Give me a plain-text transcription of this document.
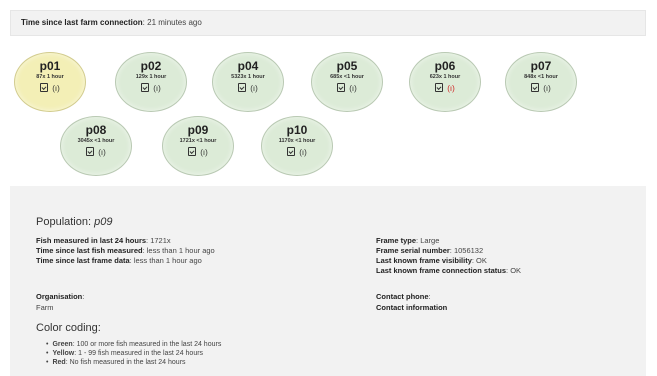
Time since last farm connection: 21 minutes ago
p01
87x 1 hour
(ı)
p02
129x 1 hour
(ı)
p04
5323x 1 hour
(ı)
p05
685x <1 hour
(ı)
p06
623x 1 hour
(ı)
p07
848x <1 hour
(ı)
p08
3045x <1 hour
(ı)
p09
1721x <1 hour
(ı)
p10
1170x <1 hour
(ı)
Population: p09
Fish measured in last 24 hours: 1721x
Time since last fish measured: less than 1 hour ago
Time since last frame data: less than 1 hour ago
Frame type: Large
Frame serial number: 1056132
Last known frame visibility: OK
Last known frame connection status: OK
Organisation:
Farm
Contact phone:
Contact information
Color coding:
• Green: 100 or more fish measured in the last 24 hours
• Yellow: 1 - 99 fish measured in the last 24 hours
• Red: No fish measured in the last 24 hours
